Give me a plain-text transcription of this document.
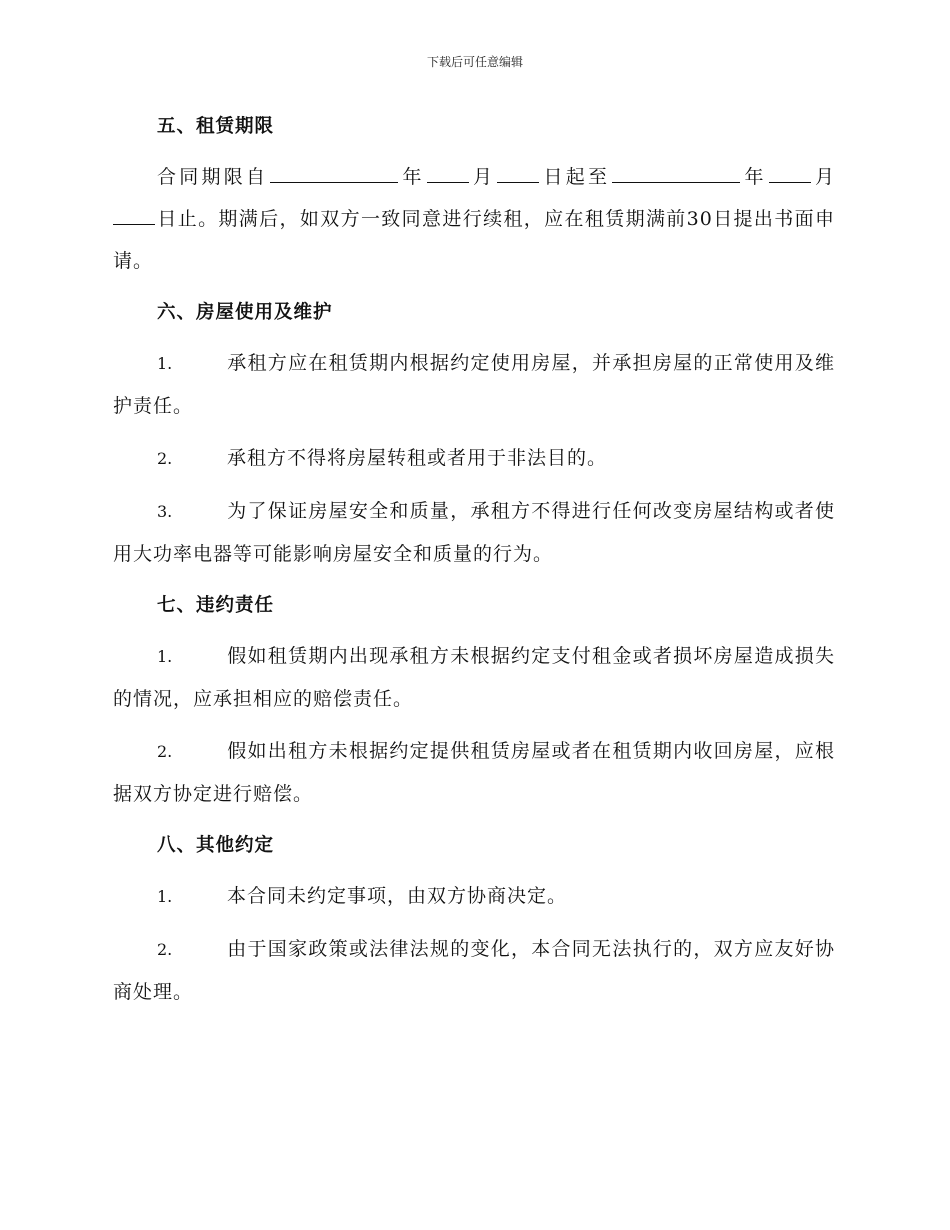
下载后可任意编辑
五、租赁期限
合同期限自	年 月 日起至	年 月日止。期满后，如双方一致同意进行续租，应在租赁期满前30日提出书面申请。
六、房屋使用及维护
1.	承租方应在租赁期内根据约定使用房屋，并承担房屋的正常使用及维护责任。
2.	承租方不得将房屋转租或者用于非法目的。
3.	为了保证房屋安全和质量，承租方不得进行任何改变房屋结构或者使用大功率电器等可能影响房屋安全和质量的行为。
七、违约责任
1.	假如租赁期内出现承租方未根据约定支付租金或者损坏房屋造成损失的情况，应承担相应的赔偿责任。
2.	假如出租方未根据约定提供租赁房屋或者在租赁期内收回房屋，应根据双方协定进行赔偿。
八、其他约定
1.	本合同未约定事项，由双方协商决定。
2.	由于国家政策或法律法规的变化，本合同无法执行的，双方应友好协商处理。
